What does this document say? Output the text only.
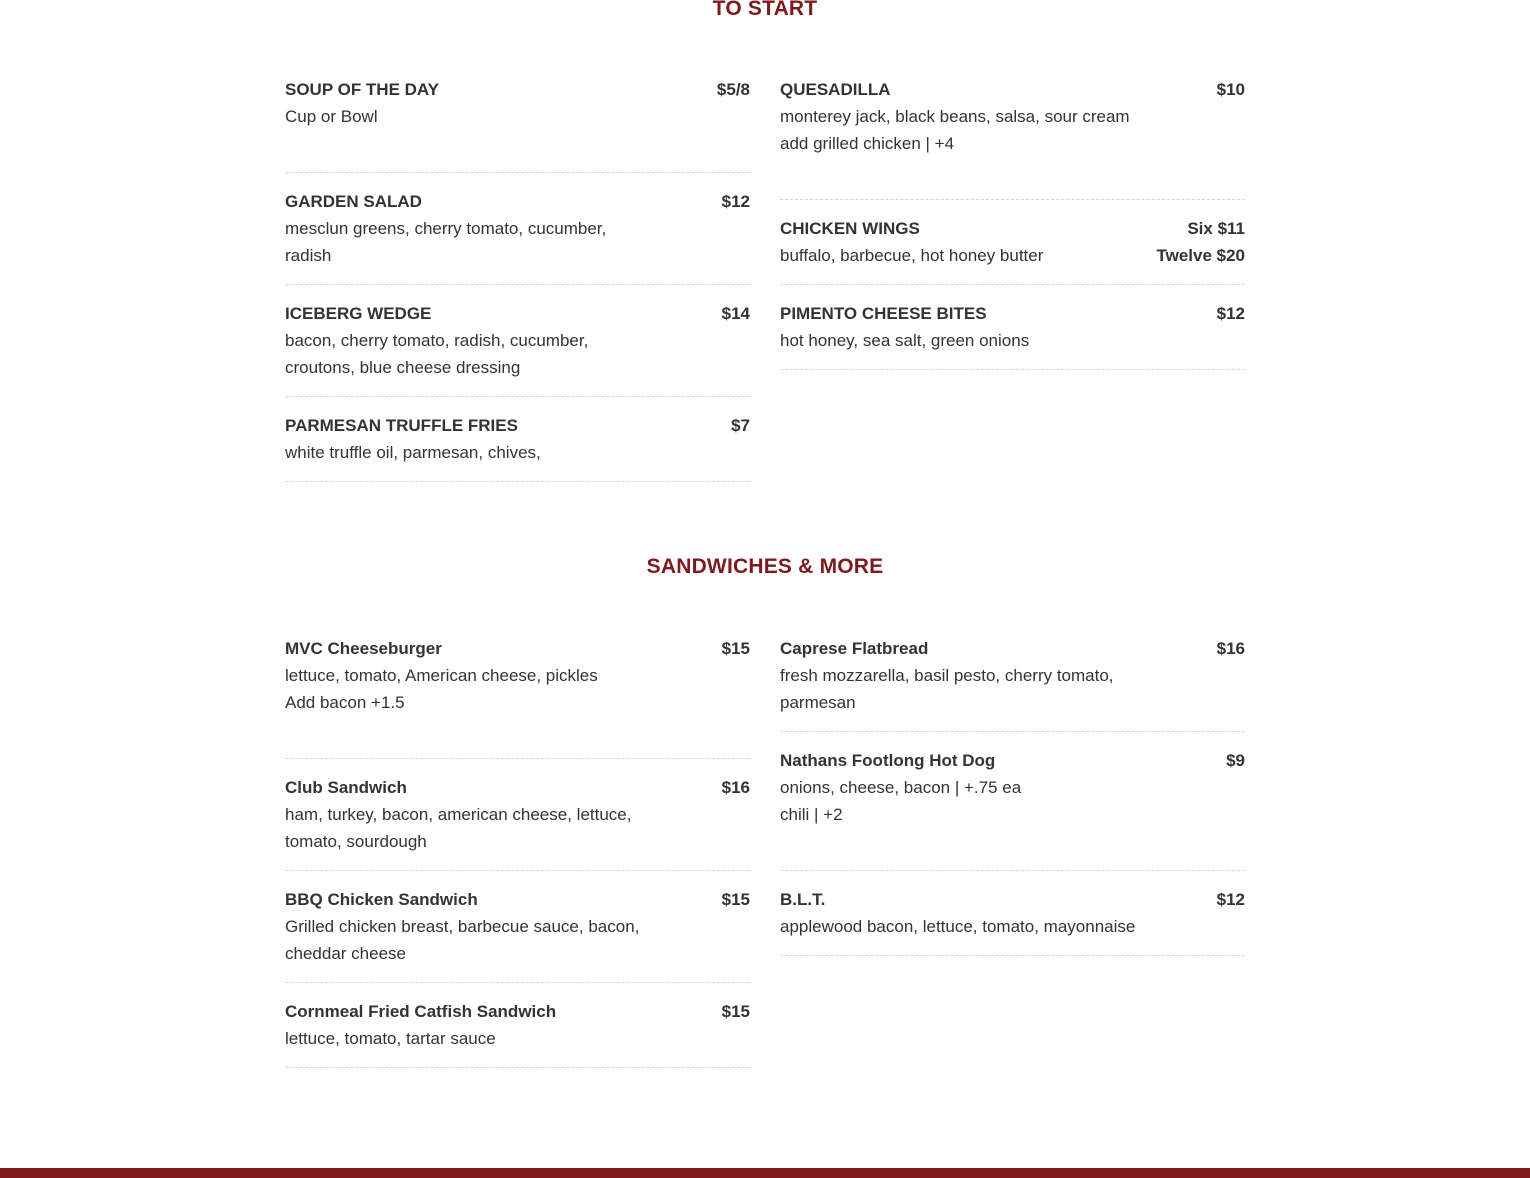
TO START
SOUP OF THE DAY	$5/8
Cup or Bowl
GARDEN SALAD	$12
mesclun greens, cherry tomato, cucumber,
radish
ICEBERG WEDGE	$14
bacon, cherry tomato, radish, cucumber,
croutons, blue cheese dressing
PARMESAN TRUFFLE FRIES	$7
white truffle oil, parmesan, chives,
QUESADILLA	$10
monterey jack, black beans, salsa, sour cream
add grilled chicken | +4
CHICKEN WINGS	Six $11
Twelve $20
buffalo, barbecue, hot honey butter
PIMENTO CHEESE BITES	$12
hot honey, sea salt, green onions
SANDWICHES & MORE
MVC Cheeseburger	$15
lettuce, tomato, American cheese, pickles
Add bacon +1.5
Club Sandwich	$16
ham, turkey, bacon, american cheese, lettuce,
tomato, sourdough
BBQ Chicken Sandwich	$15
Grilled chicken breast, barbecue sauce, bacon,
cheddar cheese
Cornmeal Fried Catfish Sandwich	$15
lettuce, tomato, tartar sauce
Caprese Flatbread	$16
fresh mozzarella, basil pesto, cherry tomato,
parmesan
Nathans Footlong Hot Dog	$9
onions, cheese, bacon | +.75 ea
chili | +2
B.L.T.	$12
applewood bacon, lettuce, tomato, mayonnaise
